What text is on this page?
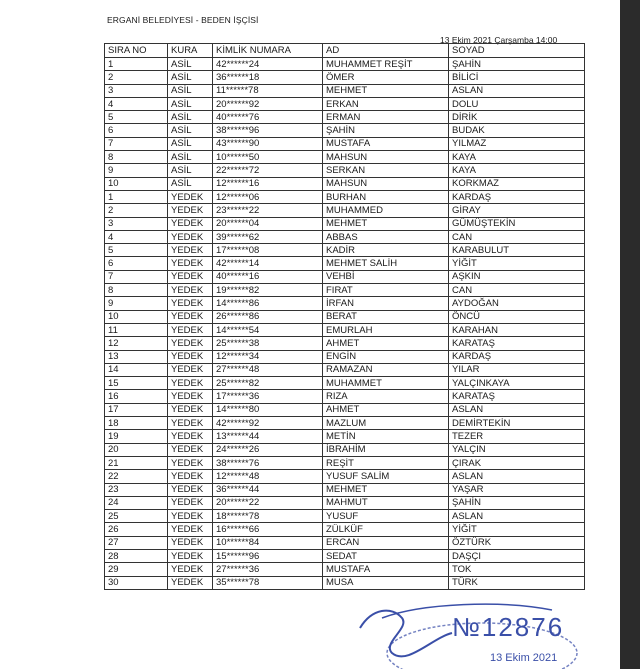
ERGANİ BELEDİYESİ - BEDEN İŞÇİSİ
13 Ekim 2021 Çarşamba 14:00
SIRA NO	KURA	KİMLİK NUMARA	AD	SOYAD
1	ASİL	42******24	MUHAMMET REŞİT	ŞAHİN
2	ASİL	36******18	ÖMER	BİLİCİ
3	ASİL	11******78	MEHMET	ASLAN
4	ASİL	20******92	ERKAN	DOLU
5	ASİL	40******76	ERMAN	DİRİK
6	ASİL	38******96	ŞAHİN	BUDAK
7	ASİL	43******90	MUSTAFA	YILMAZ
8	ASİL	10******50	MAHSUN	KAYA
9	ASİL	22******72	SERKAN	KAYA
10	ASİL	12******16	MAHSUN	KORKMAZ
1	YEDEK	12******06	BURHAN	KARDAŞ
2	YEDEK	23******22	MUHAMMED	GİRAY
3	YEDEK	20******04	MEHMET	GÜMÜŞTEKİN
4	YEDEK	39******62	ABBAS	CAN
5	YEDEK	17******08	KADİR	KARABULUT
6	YEDEK	42******14	MEHMET SALİH	YİĞİT
7	YEDEK	40******16	VEHBİ	AŞKIN
8	YEDEK	19******82	FIRAT	CAN
9	YEDEK	14******86	İRFAN	AYDOĞAN
10	YEDEK	26******86	BERAT	ÖNCÜ
11	YEDEK	14******54	EMURLAH	KARAHAN
12	YEDEK	25******38	AHMET	KARATAŞ
13	YEDEK	12******34	ENGİN	KARDAŞ
14	YEDEK	27******48	RAMAZAN	YILAR
15	YEDEK	25******82	MUHAMMET	YALÇINKAYA
16	YEDEK	17******36	RIZA	KARATAŞ
17	YEDEK	14******80	AHMET	ASLAN
18	YEDEK	42******92	MAZLUM	DEMİRTEKİN
19	YEDEK	13******44	METİN	TEZER
20	YEDEK	24******26	İBRAHİM	YALÇIN
21	YEDEK	38******76	REŞİT	ÇIRAK
22	YEDEK	12******48	YUSUF SALİM	ASLAN
23	YEDEK	36******44	MEHMET	YAŞAR
24	YEDEK	20******22	MAHMUT	ŞAHİN
25	YEDEK	18******78	YUSUF	ASLAN
26	YEDEK	16******66	ZÜLKÜF	YİĞİT
27	YEDEK	10******84	ERCAN	ÖZTÜRK
28	YEDEK	15******96	SEDAT	DAŞÇI
29	YEDEK	27******36	MUSTAFA	TOK
30	YEDEK	35******78	MUSA	TÜRK
№12876
13 Ekim 2021
